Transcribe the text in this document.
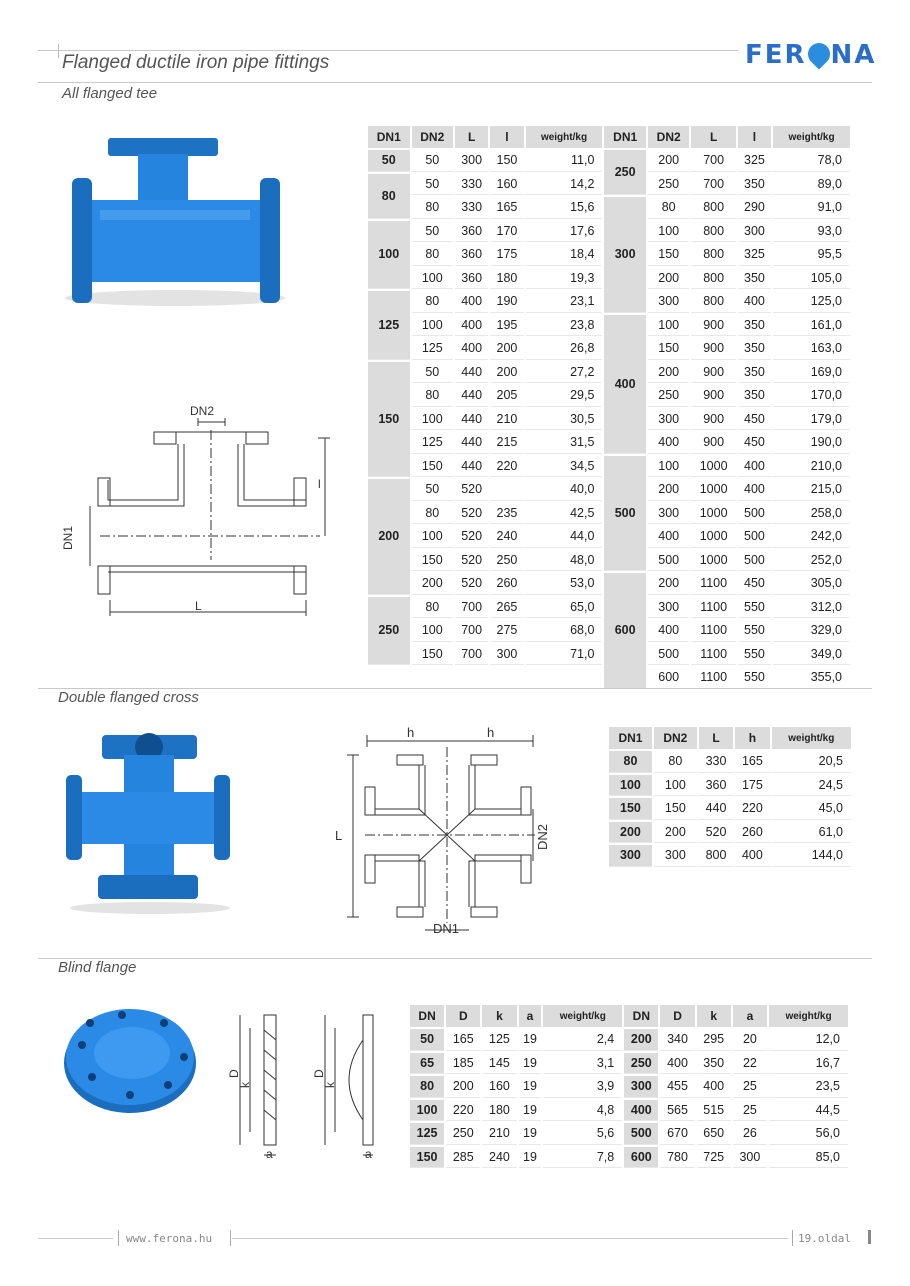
Flanged ductile iron pipe fittings	FER NA
All flanged tee
DN2
l
L
DN1
DN1	DN2	L	l	weight/kg	DN1	DN2	L	l	weight/kg
50	50	300	150	11,0	250	200	700	325	78,0
80	50	330	160	14,2		250	700	350	89,0
	80	330	165	15,6	300	80	800	290	91,0
100	50	360	170	17,6		100	800	300	93,0
	80	360	175	18,4		150	800	325	95,5
	100	360	180	19,3		200	800	350	105,0
125	80	400	190	23,1		300	800	400	125,0
	100	400	195	23,8	400	100	900	350	161,0
	125	400	200	26,8		150	900	350	163,0
150	50	440	200	27,2		200	900	350	169,0
	80	440	205	29,5		250	900	350	170,0
	100	440	210	30,5		300	900	450	179,0
	125	440	215	31,5		400	900	450	190,0
	150	440	220	34,5	500	100	1000	400	210,0
200	50	520		40,0		200	1000	400	215,0
	80	520	235	42,5		300	1000	500	258,0
	100	520	240	44,0		400	1000	500	242,0
	150	520	250	48,0		500	1000	500	252,0
	200	520	260	53,0	600	200	1100	450	305,0
250	80	700	265	65,0		300	1100	550	312,0
	100	700	275	68,0		400	1100	550	329,0
	150	700	300	71,0		500	1100	550	349,0
						600	1100	550	355,0
Double flanged cross
h	h
L
DN1
DN2
DN1	DN2	L	h	weight/kg
80	80	330	165	20,5
100	100	360	175	24,5
150	150	440	220	45,0
200	200	520	260	61,0
300	300	800	400	144,0
Blind flange
D
k
a
D
k
a
DN	D	k	a	weight/kg	DN	D	k	a	weight/kg
50	165	125	19	2,4	200	340	295	20	12,0
65	185	145	19	3,1	250	400	350	22	16,7
80	200	160	19	3,9	300	455	400	25	23,5
100	220	180	19	4,8	400	565	515	25	44,5
125	250	210	19	5,6	500	670	650	26	56,0
150	285	240	19	7,8	600	780	725	300	85,0
www.ferona.hu	19.oldal
